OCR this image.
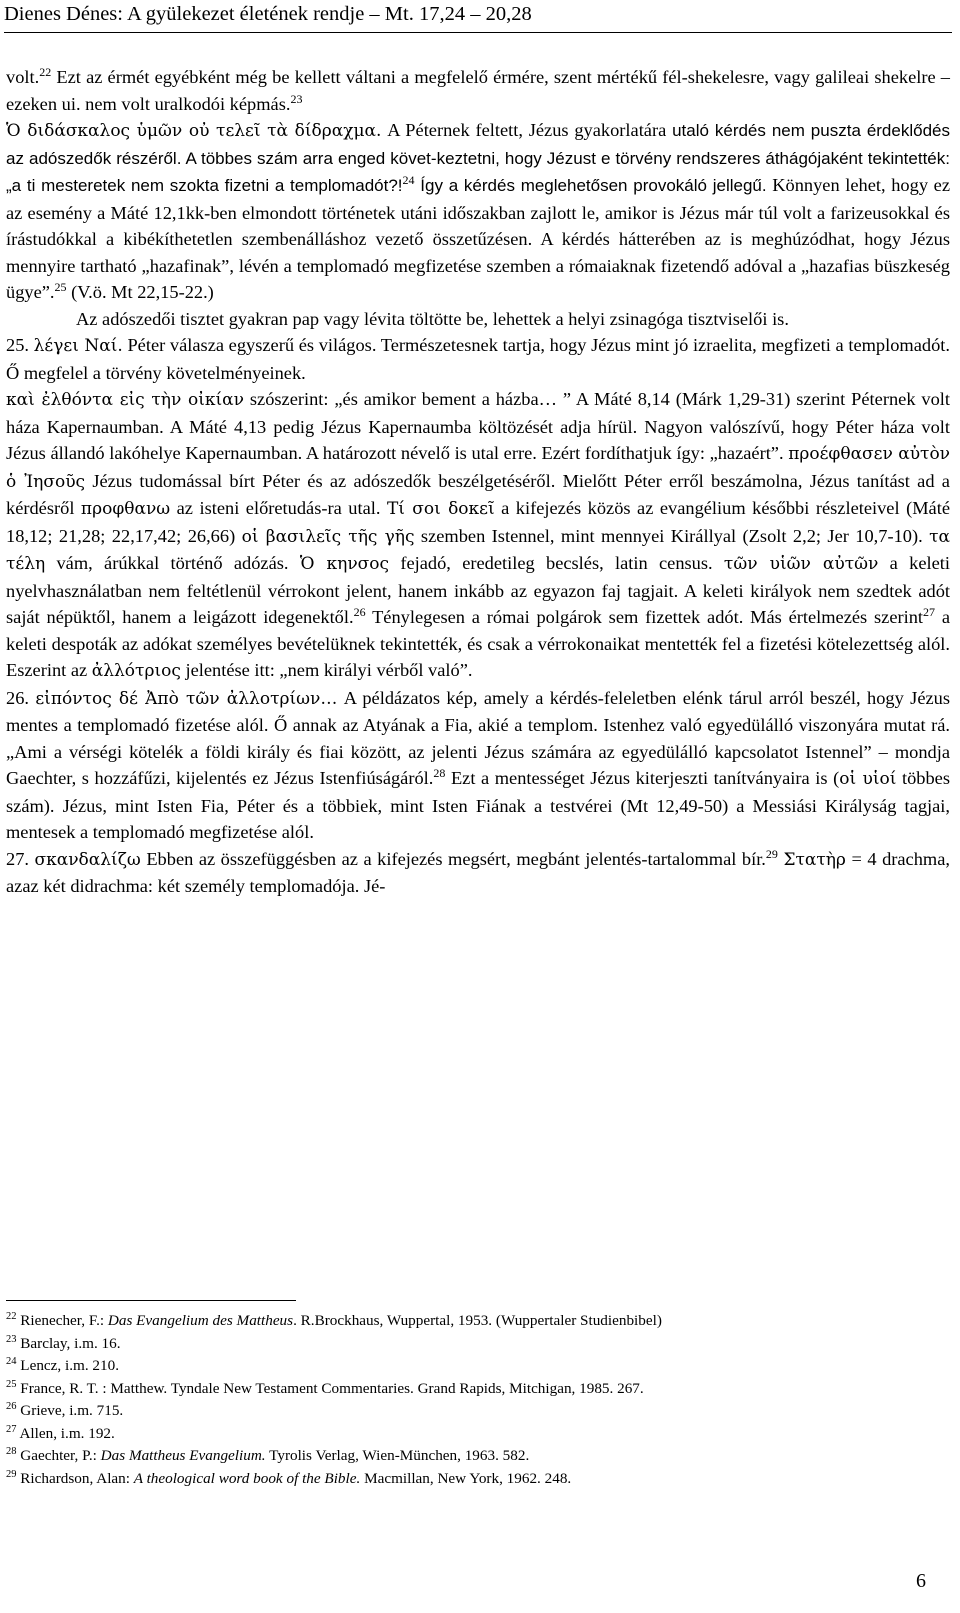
Dienes Dénes: A gyülekezet életének rendje – Mt. 17,24 – 20,28

volt.$^{22}$ Ezt az érmét egyébként még be kellett váltani a megfelelő érmére, szent mértékű fél-shekelesre, vagy galileai shekelre – ezeken ui. nem volt uralkodói képmás.$^{23}$

Ὁ διδάσκαλος ὑμῶν οὐ τελεῖ τὰ δίδραχμα. A Péternek feltett, Jézus gyakorlatára utaló kérdés nem puszta érdeklődés az adószedők részéről. A többes szám arra enged követ-keztetni, hogy Jézust e törvény rendszeres áthágójaként tekintették: „a ti mesteretek nem szokta fizetni a templomadót?!$^{24}$ Így a kérdés meglehetősen provokáló jellegű. Könnyen lehet, hogy ez az esemény a Máté 12,1kk-ben elmondott történetek utáni időszakban zajlott le, amikor is Jézus már túl volt a farizeusokkal és írástudókkal a kibékíthetetlen szembenálláshoz vezető összetűzésen. A kérdés hátterében az is meghúzódhat, hogy Jézus mennyire tartható „hazafinak”, lévén a templomadó megfizetése szemben a rómaiaknak fizetendő adóval a „hazafias büszkeség ügye”.$^{25}$ (V.ö. Mt 22,15-22.)

Az adószedői tisztet gyakran pap vagy lévita töltötte be, lehettek a helyi zsinagóga tisztviselői is.

25. λέγει Ναί. Péter válasza egyszerű és világos. Természetesnek tartja, hogy Jézus mint jó izraelita, megfizeti a templomadót. Ő megfelel a törvény követelményeinek.

καὶ ἐλθόντα εἰς τὴν οἰκίαν szószerint: „és amikor bement a házba… ” A Máté 8,14 (Márk 1,29-31) szerint Péternek volt háza Kapernaumban. A Máté 4,13 pedig Jézus Kapernaumba költözését adja hírül. Nagyon valószívű, hogy Péter háza volt Jézus állandó lakóhelye Kapernaumban. A határozott névelő is utal erre. Ezért fordíthatjuk így: „hazaért”. προέφθασεν αὐτὸν ὁ Ἰησοῦς Jézus tudomással bírt Péter és az adószedők beszélgetéséről. Mielőtt Péter erről beszámolna, Jézus tanítást ad a kérdésről προφθανω az isteni előretudás-ra utal. Τί σοι δοκεῖ a kifejezés közös az evangélium későbbi részleteivel (Máté 18,12; 21,28; 22,17,42; 26,66) οἱ βασιλεῖς τῆς γῆς szemben Istennel, mint mennyei Királlyal (Zsolt 2,2; Jer 10,7-10). τα τέλη vám, árúkkal történő adózás. Ὁ κηνσος fejadó, eredetileg becslés, latin census. τῶν υἱῶν αὐτῶν a keleti nyelvhasználatban nem feltétlenül vérrokont jelent, hanem inkább az egyazon faj tagjait. A keleti királyok nem szedtek adót saját népüktől, hanem a leigázott idegenektől.$^{26}$ Ténylegesen a római polgárok sem fizettek adót. Más értelmezés szerint$^{27}$ a keleti despoták az adókat személyes bevételüknek tekintették, és csak a vérrokonaikat mentették fel a fizetési kötelezettség alól. Eszerint az ἀλλότριος jelentése itt: „nem királyi vérből való”.

26. εἰπόντος δέ Ἀπὸ τῶν ἀλλοτρίων… A példázatos kép, amely a kérdés-feleletben elénk tárul arról beszél, hogy Jézus mentes a templomadó fizetése alól. Ő annak az Atyának a Fia, akié a templom. Istenhez való egyedülálló viszonyára mutat rá. „Ami a vérségi kötelék a földi király és fiai között, az jelenti Jézus számára az egyedülálló kapcsolatot Istennel” – mondja Gaechter, s hozzáfűzi, kijelentés ez Jézus Istenfiúságáról.$^{28}$ Ezt a mentességet Jézus kiterjeszti tanítványaira is (οἱ υἱοί többes szám). Jézus, mint Isten Fia, Péter és a többiek, mint Isten Fiának a testvérei (Mt 12,49-50) a Messiási Királyság tagjai, mentesek a templomadó megfizetése alól.

27. σκανδαλίζω Ebben az összefüggésben az a kifejezés megsért, megbánt jelentés-tartalommal bír.$^{29}$ Στατὴρ = 4 drachma, azaz két didrachma: két személy templomadója. Jé-

$^{22}$ Rienecher, F.: Das Evangelium des Mattheus. R.Brockhaus, Wuppertal, 1953. (Wuppertaler Studienbibel)
$^{23}$ Barclay, i.m. 16.
$^{24}$ Lencz, i.m. 210.
$^{25}$ France, R. T. : Matthew. Tyndale New Testament Commentaries. Grand Rapids, Mitchigan, 1985. 267.
$^{26}$ Grieve, i.m. 715.
$^{27}$ Allen, i.m. 192.
$^{28}$ Gaechter, P.: Das Mattheus Evangelium. Tyrolis Verlag, Wien-München, 1963. 582.
$^{29}$ Richardson, Alan: A theological word book of the Bible. Macmillan, New York, 1962. 248.
6
